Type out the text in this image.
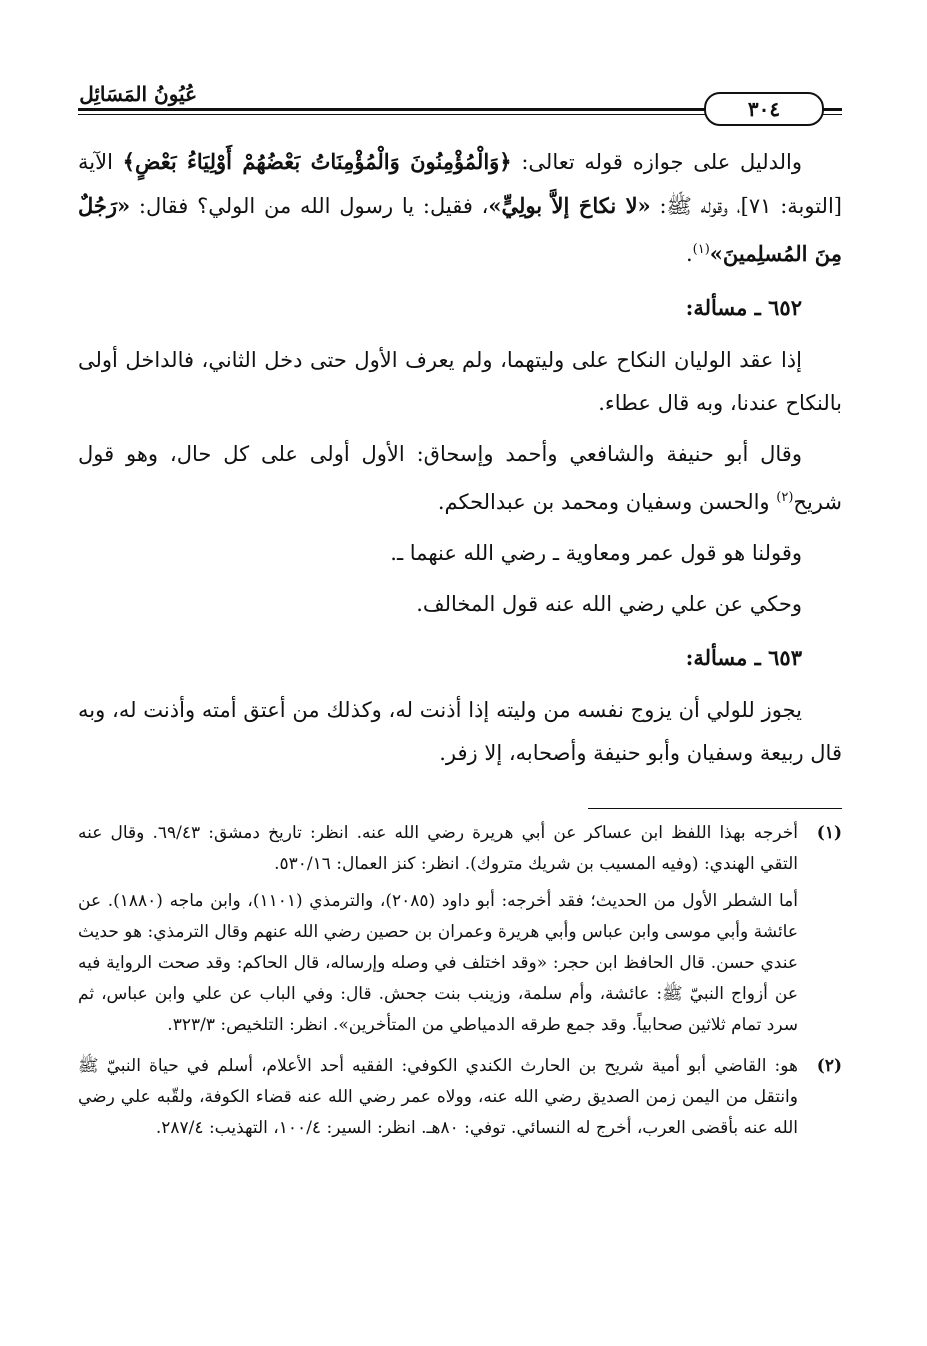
عُيُونُ المَسَائِل
٣٠٤

والدليل على جوازه قوله تعالى: ﴿وَالْمُؤْمِنُونَ وَالْمُؤْمِنَاتُ بَعْضُهُمْ أَوْلِيَاءُ بَعْضٍ﴾ الآية [التوبة: ٧١]، وقوله ﷺ: «لا نكاحَ إلاَّ بولِيٍّ»، فقيل: يا رسول الله من الولي؟ فقال: «رَجُلٌ مِنَ المُسلِمينَ»$^{(١)}$.

٦٥٢ ـ مسألة:

إذا عقد الوليان النكاح على وليتهما، ولم يعرف الأول حتى دخل الثاني، فالداخل أولى بالنكاح عندنا، وبه قال عطاء.

وقال أبو حنيفة والشافعي وأحمد وإسحاق: الأول أولى على كل حال، وهو قول شريح$^{(٢)}$ والحسن وسفيان ومحمد بن عبدالحكم.

وقولنا هو قول عمر ومعاوية ـ رضي الله عنهما ـ.

وحكي عن علي رضي الله عنه قول المخالف.

٦٥٣ ـ مسألة:

يجوز للولي أن يزوج نفسه من وليته إذا أذنت له، وكذلك من أعتق أمته وأذنت له، وبه قال ربيعة وسفيان وأبو حنيفة وأصحابه، إلا زفر.

(١)

أخرجه بهذا اللفظ ابن عساكر عن أبي هريرة رضي الله عنه. انظر: تاريخ دمشق: ٦٩/٤٣. وقال عنه التقي الهندي: (وفيه المسيب بن شريك متروك). انظر: كنز العمال: ٥٣٠/١٦.

أما الشطر الأول من الحديث؛ فقد أخرجه: أبو داود (٢٠٨٥)، والترمذي (١١٠١)، وابن ماجه (١٨٨٠). عن عائشة وأبي موسى وابن عباس وأبي هريرة وعمران بن حصين رضي الله عنهم وقال الترمذي: هو حديث عندي حسن. قال الحافظ ابن حجر: «وقد اختلف في وصله وإرساله، قال الحاكم: وقد صحت الرواية فيه عن أزواج النبيّ ﷺ: عائشة، وأم سلمة، وزينب بنت جحش. قال: وفي الباب عن علي وابن عباس، ثم سرد تمام ثلاثين صحابياً. وقد جمع طرقه الدمياطي من المتأخرين». انظر: التلخيص: ٣٢٣/٣.

(٢)

هو: القاضي أبو أمية شريح بن الحارث الكندي الكوفي: الفقيه أحد الأعلام، أسلم في حياة النبيّ ﷺ وانتقل من اليمن زمن الصديق رضي الله عنه، وولاه عمر رضي الله عنه قضاء الكوفة، ولقّبه علي رضي الله عنه بأقضى العرب، أخرج له النسائي. توفي: ٨٠هـ. انظر: السير: ١٠٠/٤، التهذيب: ٢٨٧/٤.
